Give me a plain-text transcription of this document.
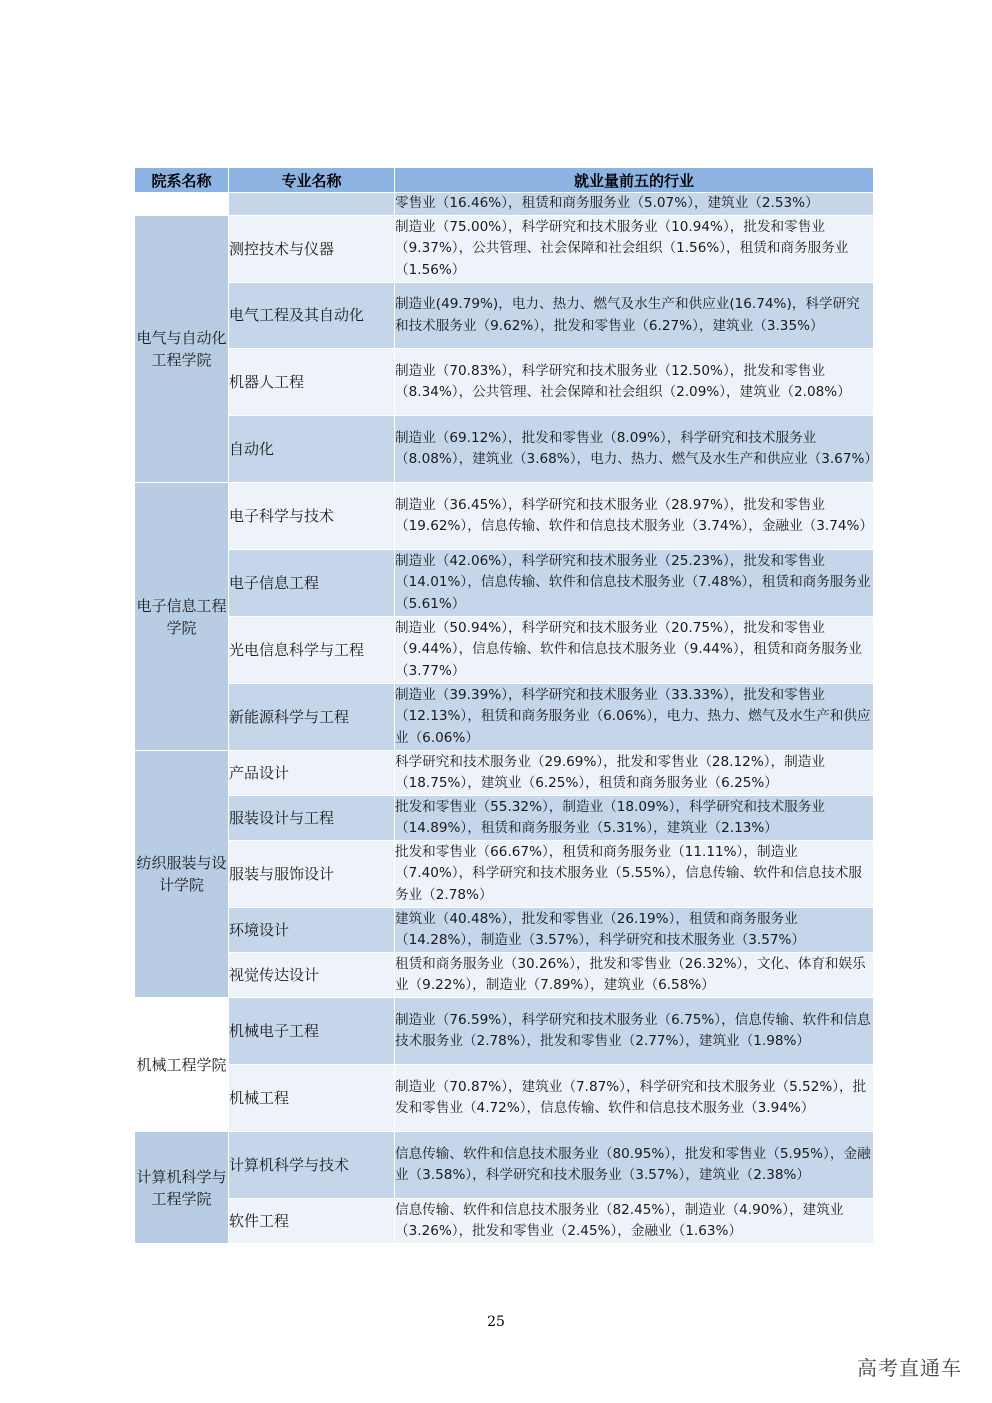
院系名称	专业名称	就业量前五的行业
		零售业（16.46%），租赁和商务服务业（5.07%），建筑业（2.53%）
电气与自动化工程学院	测控技术与仪器	制造业（75.00%），科学研究和技术服务业（10.94%），批发和零售业（9.37%），公共管理、社会保障和社会组织（1.56%），租赁和商务服务业（1.56%）
	电气工程及其自动化	制造业(49.79%)，电力、热力、燃气及水生产和供应业(16.74%)，科学研究和技术服务业（9.62%），批发和零售业（6.27%），建筑业（3.35%）
	机器人工程	制造业（70.83%），科学研究和技术服务业（12.50%），批发和零售业（8.34%），公共管理、社会保障和社会组织（2.09%），建筑业（2.08%）
	自动化	制造业（69.12%），批发和零售业（8.09%），科学研究和技术服务业（8.08%），建筑业（3.68%），电力、热力、燃气及水生产和供应业（3.67%）
电子信息工程学院	电子科学与技术	制造业（36.45%），科学研究和技术服务业（28.97%），批发和零售业（19.62%），信息传输、软件和信息技术服务业（3.74%），金融业（3.74%）
	电子信息工程	制造业（42.06%），科学研究和技术服务业（25.23%），批发和零售业（14.01%），信息传输、软件和信息技术服务业（7.48%），租赁和商务服务业（5.61%）
	光电信息科学与工程	制造业（50.94%），科学研究和技术服务业（20.75%），批发和零售业（9.44%），信息传输、软件和信息技术服务业（9.44%），租赁和商务服务业（3.77%）
	新能源科学与工程	制造业（39.39%），科学研究和技术服务业（33.33%），批发和零售业（12.13%），租赁和商务服务业（6.06%），电力、热力、燃气及水生产和供应业（6.06%）
纺织服装与设计学院	产品设计	科学研究和技术服务业（29.69%），批发和零售业（28.12%），制造业（18.75%），建筑业（6.25%），租赁和商务服务业（6.25%）
	服装设计与工程	批发和零售业（55.32%），制造业（18.09%），科学研究和技术服务业（14.89%），租赁和商务服务业（5.31%），建筑业（2.13%）
	服装与服饰设计	批发和零售业（66.67%），租赁和商务服务业（11.11%），制造业（7.40%），科学研究和技术服务业（5.55%），信息传输、软件和信息技术服务业（2.78%）
	环境设计	建筑业（40.48%），批发和零售业（26.19%），租赁和商务服务业（14.28%），制造业（3.57%），科学研究和技术服务业（3.57%）
	视觉传达设计	租赁和商务服务业（30.26%），批发和零售业（26.32%），文化、体育和娱乐业（9.22%），制造业（7.89%），建筑业（6.58%）
机械工程学院	机械电子工程	制造业（76.59%），科学研究和技术服务业（6.75%），信息传输、软件和信息技术服务业（2.78%），批发和零售业（2.77%），建筑业（1.98%）
	机械工程	制造业（70.87%），建筑业（7.87%），科学研究和技术服务业（5.52%），批发和零售业（4.72%），信息传输、软件和信息技术服务业（3.94%）
计算机科学与工程学院	计算机科学与技术	信息传输、软件和信息技术服务业（80.95%），批发和零售业（5.95%），金融业（3.58%），科学研究和技术服务业（3.57%），建筑业（2.38%）
	软件工程	信息传输、软件和信息技术服务业（82.45%），制造业（4.90%），建筑业（3.26%），批发和零售业（2.45%），金融业（1.63%）
25
高考直通车
